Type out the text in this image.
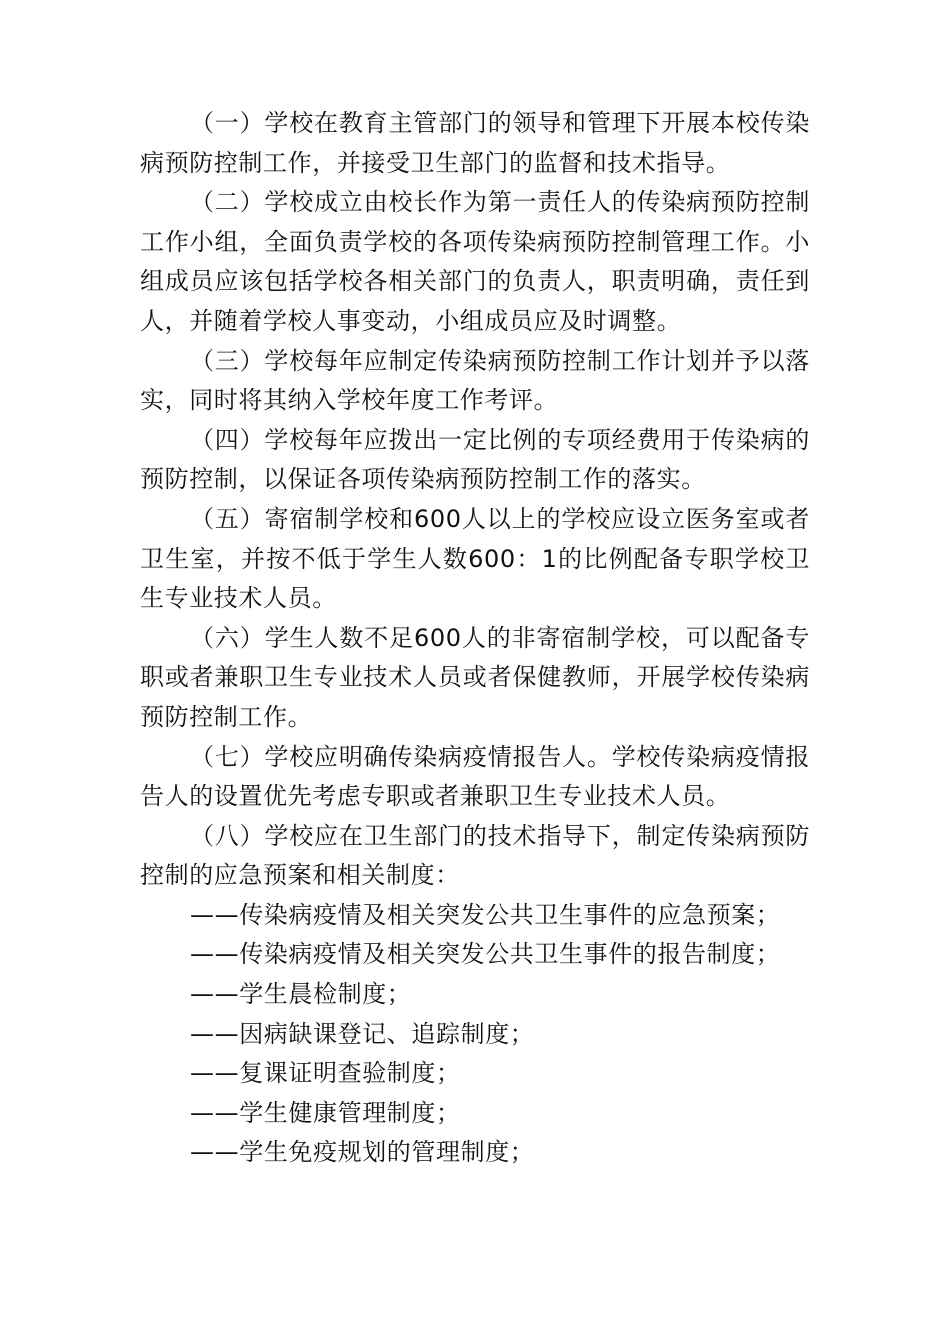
（一）学校在教育主管部门的领导和管理下开展本校传染病预防控制工作，并接受卫生部门的监督和技术指导。

（二）学校成立由校长作为第一责任人的传染病预防控制工作小组，全面负责学校的各项传染病预防控制管理工作。小组成员应该包括学校各相关部门的负责人，职责明确，责任到人，并随着学校人事变动，小组成员应及时调整。

（三）学校每年应制定传染病预防控制工作计划并予以落实，同时将其纳入学校年度工作考评。

（四）学校每年应拨出一定比例的专项经费用于传染病的预防控制，以保证各项传染病预防控制工作的落实。

（五）寄宿制学校和600人以上的学校应设立医务室或者卫生室，并按不低于学生人数600：1的比例配备专职学校卫生专业技术人员。

（六）学生人数不足600人的非寄宿制学校，可以配备专职或者兼职卫生专业技术人员或者保健教师，开展学校传染病预防控制工作。

（七）学校应明确传染病疫情报告人。学校传染病疫情报告人的设置优先考虑专职或者兼职卫生专业技术人员。

（八）学校应在卫生部门的技术指导下，制定传染病预防控制的应急预案和相关制度：

——传染病疫情及相关突发公共卫生事件的应急预案；

——传染病疫情及相关突发公共卫生事件的报告制度；

——学生晨检制度；

——因病缺课登记、追踪制度；

——复课证明查验制度；

——学生健康管理制度；

——学生免疫规划的管理制度；
